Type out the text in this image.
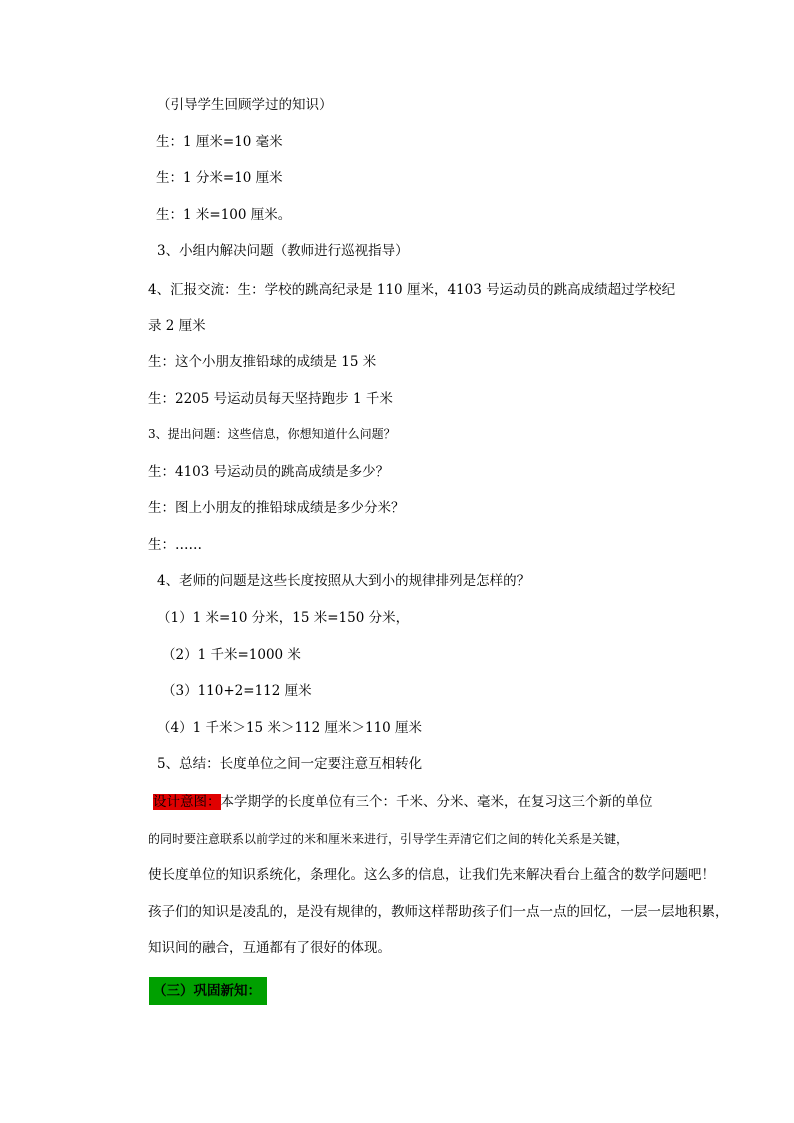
（引导学生回顾学过的知识）
生：1 厘米=10 毫米
生：1 分米=10 厘米
生：1 米=100 厘米。
3、小组内解决问题（教师进行巡视指导）
4、汇报交流：生：学校的跳高纪录是 110 厘米，4103 号运动员的跳高成绩超过学校纪
录 2 厘米
生：这个小朋友推铅球的成绩是 15 米
生：2205 号运动员每天坚持跑步 1 千米
3、提出问题：这些信息，你想知道什么问题？
生：4103 号运动员的跳高成绩是多少？
生：图上小朋友的推铅球成绩是多少分米？
生：……
4、老师的问题是这些长度按照从大到小的规律排列是怎样的？
（1）1 米=10 分米，15 米=150 分米，
（2）1 千米=1000 米
（3）110+2=112 厘米
（4）1 千米＞15 米＞112 厘米＞110 厘米
5、总结：长度单位之间一定要注意互相转化
设计意图：本学期学的长度单位有三个：千米、分米、毫米，在复习这三个新的单位
的同时要注意联系以前学过的米和厘米来进行，引导学生弄清它们之间的转化关系是关键，
使长度单位的知识系统化，条理化。这么多的信息，让我们先来解决看台上蕴含的数学问题吧！
孩子们的知识是凌乱的，是没有规律的，教师这样帮助孩子们一点一点的回忆，一层一层地积累，
知识间的融合，互通都有了很好的体现。
（三）巩固新知：
